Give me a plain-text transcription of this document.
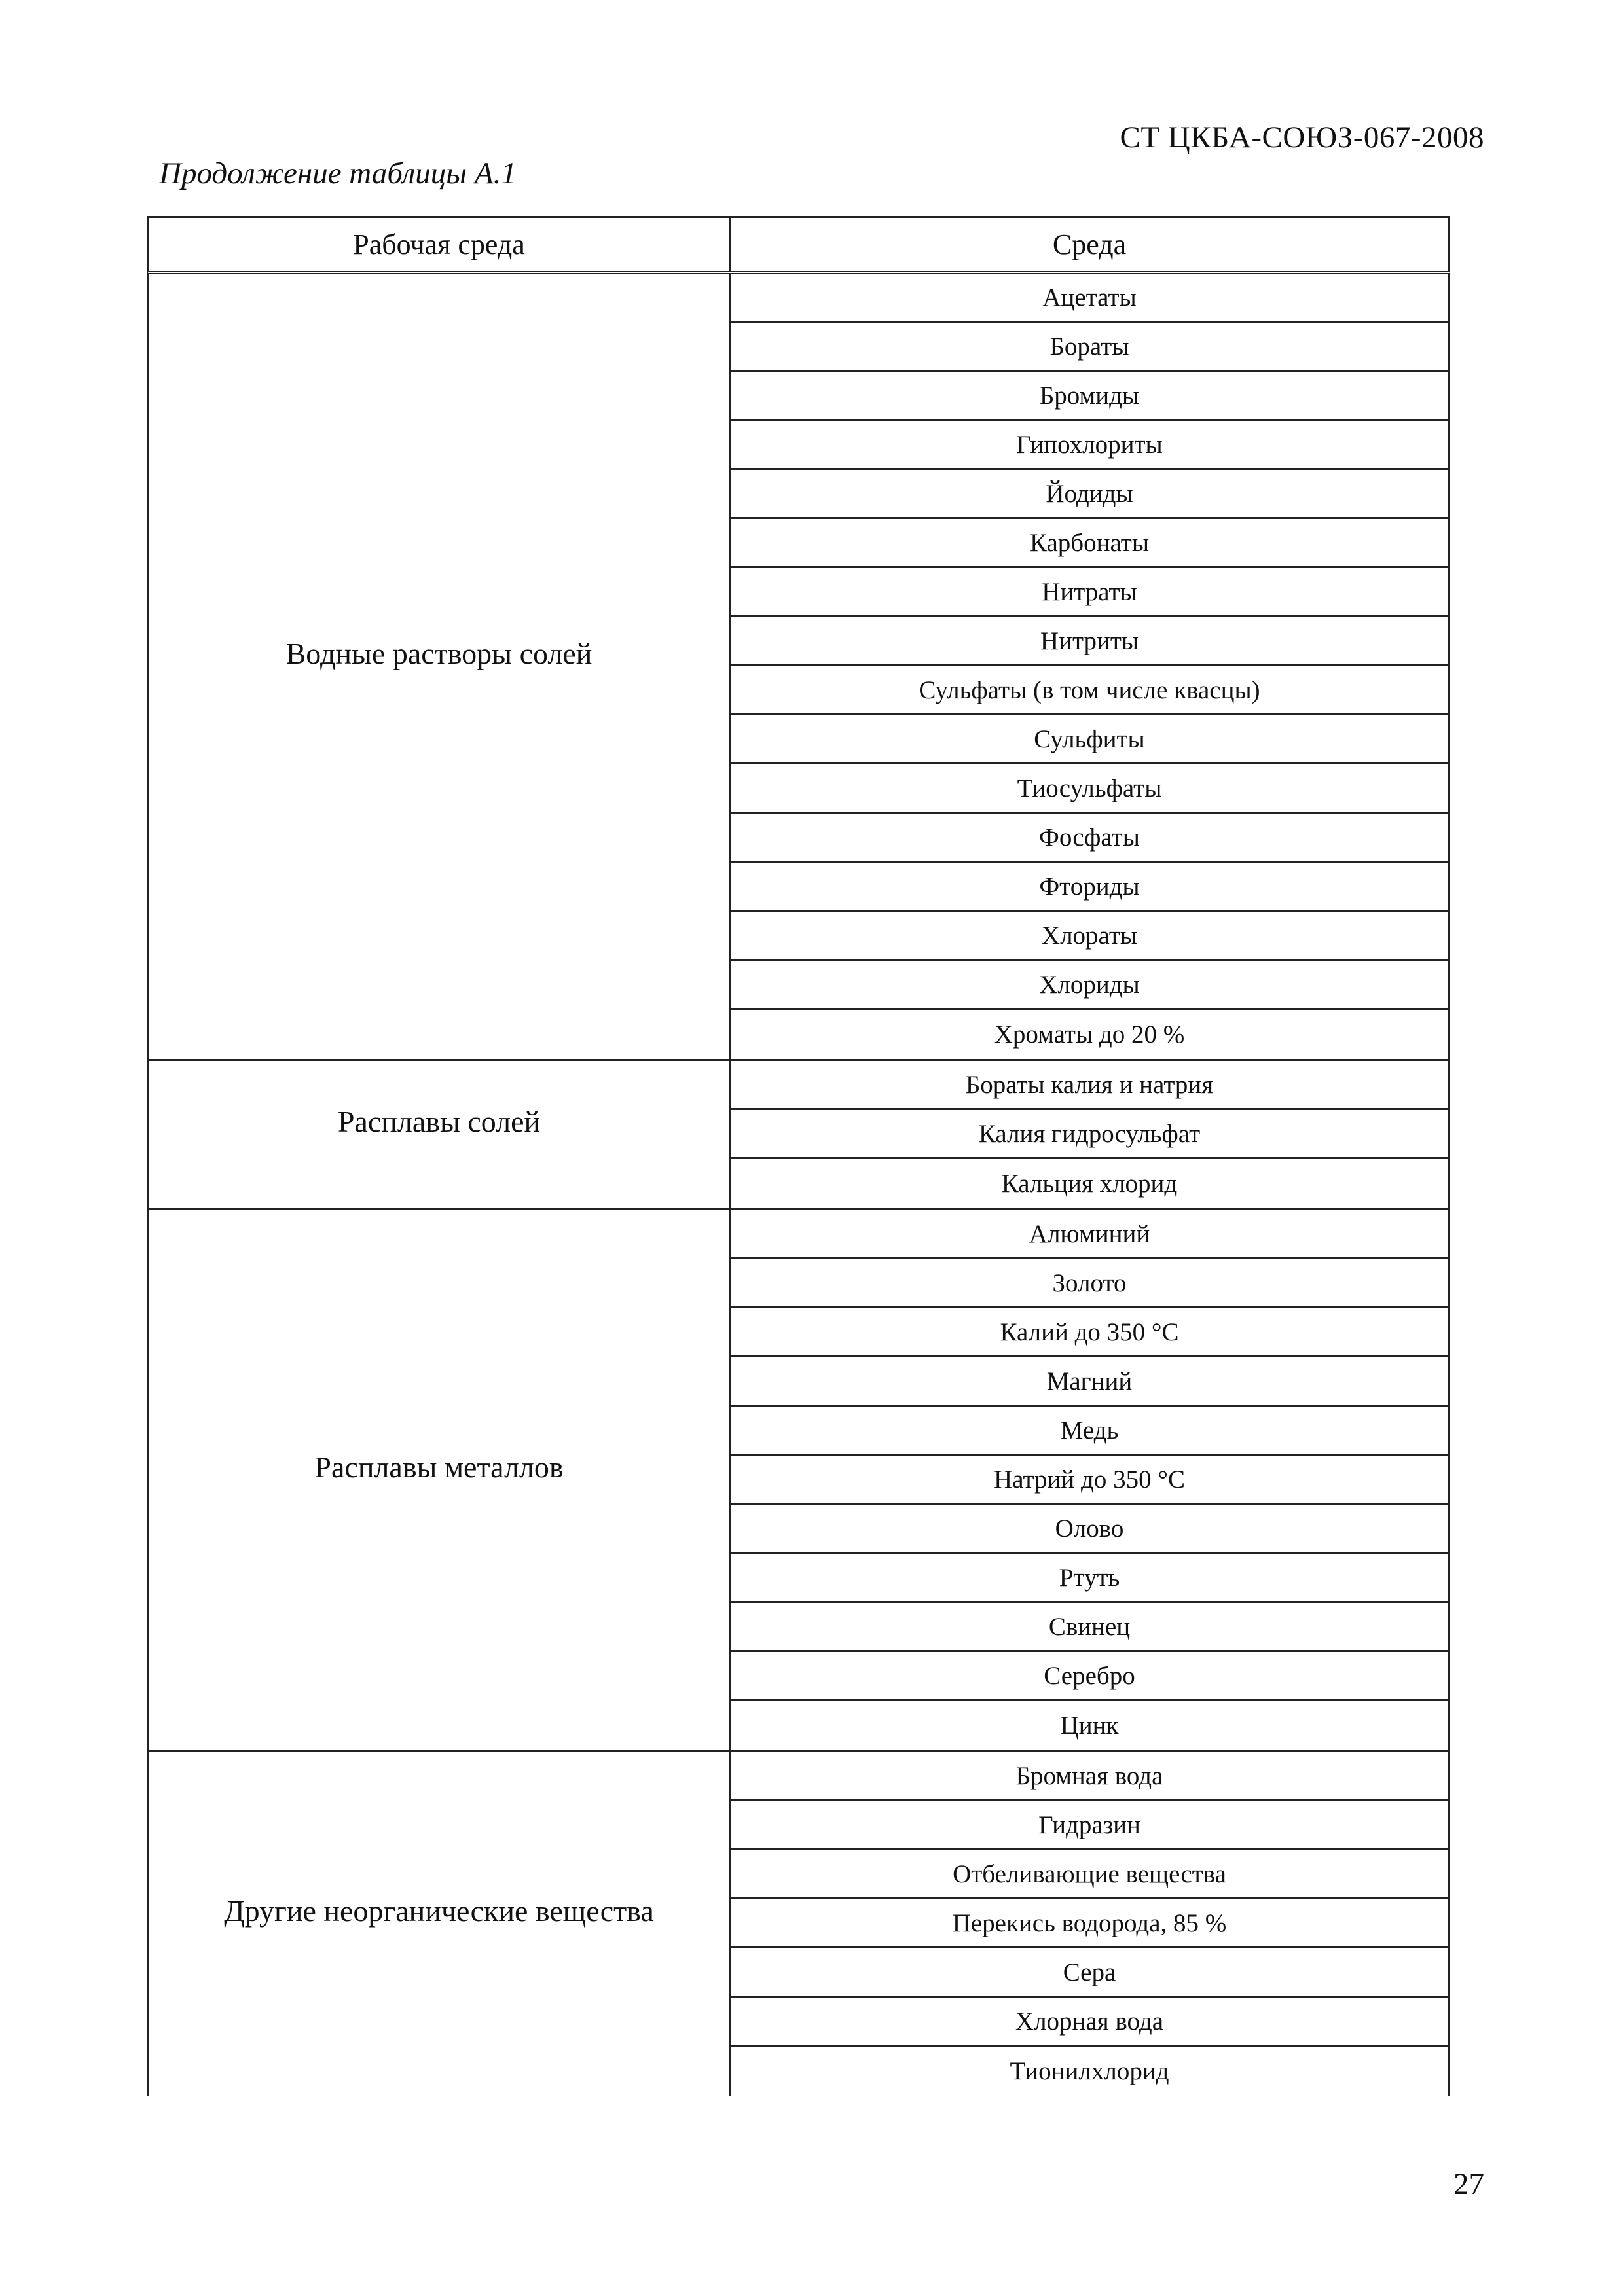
СТ ЦКБА-СОЮЗ-067-2008
Продолжение таблицы А.1
Рабочая среда	Среда
Водные растворы солей
Ацетаты
Бораты
Бромиды
Гипохлориты
Йодиды
Карбонаты
Нитраты
Нитриты
Сульфаты (в том числе квасцы)
Сульфиты
Тиосульфаты
Фосфаты
Фториды
Хлораты
Хлориды
Хроматы до 20 %
Расплавы солей
Бораты калия и натрия
Калия гидросульфат
Кальция хлорид
Расплавы металлов
Алюминий
Золото
Калий до 350 °C
Магний
Медь
Натрий до 350 °C
Олово
Ртуть
Свинец
Серебро
Цинк
Другие неорганические вещества
Бромная вода
Гидразин
Отбеливающие вещества
Перекись водорода, 85 %
Сера
Хлорная вода
Тионилхлорид
27
